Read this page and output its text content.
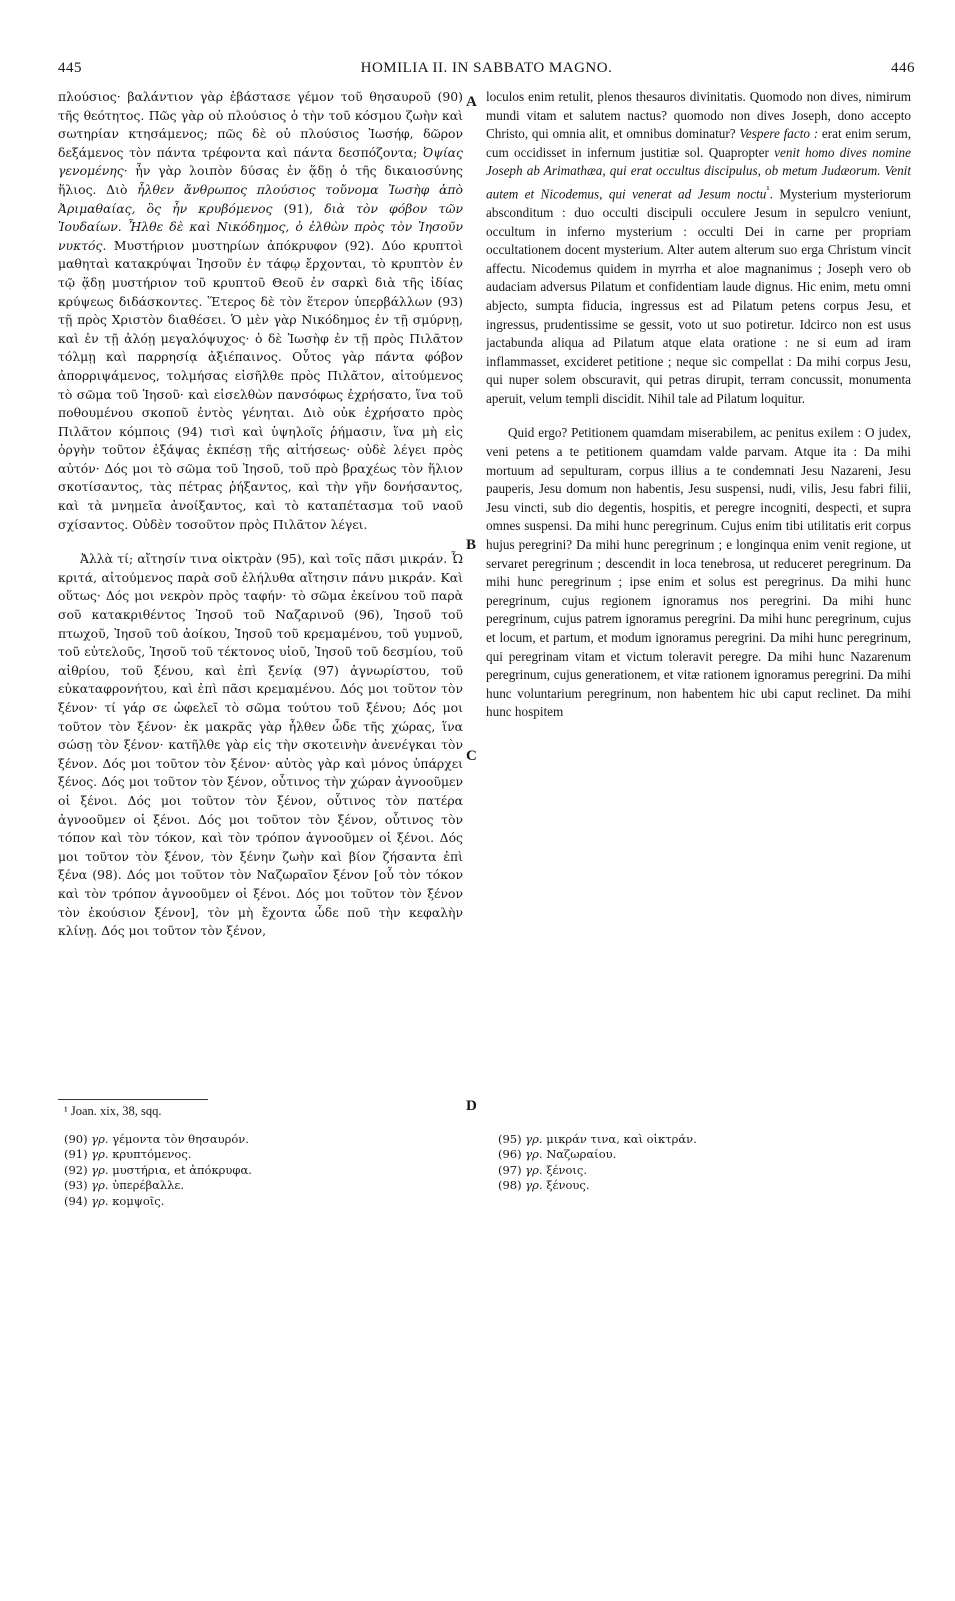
445	HOMILIA II. IN SABBATO MAGNO.	446

πλούσιος· βαλάντιον γὰρ ἐβάστασε γέμον τοῦ θησαυροῦ (90) τῆς θεότητος. Πῶς γὰρ οὐ πλούσιος ὁ τὴν τοῦ κόσμου ζωὴν καὶ σωτηρίαν κτησάμενος; πῶς δὲ οὐ πλούσιος Ἰωσήφ, δῶρον δεξάμενος τὸν πάντα τρέφοντα καὶ πάντα δεσπόζοντα; Ὀψίας γενομένης· ἦν γὰρ λοιπὸν δύσας ἐν ᾅδῃ ὁ τῆς δικαιοσύνης ἥλιος. Διὸ ἦλθεν ἄνθρωπος πλούσιος τοὔνομα Ἰωσὴφ ἀπὸ Ἀριμαθαίας, ὃς ἦν κρυβόμενος (91), διὰ τὸν φόβον τῶν Ἰουδαίων. Ἦλθε δὲ καὶ Νικόδημος, ὁ ἐλθὼν πρὸς τὸν Ἰησοῦν νυκτός. Μυστήριον μυστηρίων ἀπόκρυφον (92). Δύο κρυπτοὶ μαθηταὶ κατακρύψαι Ἰησοῦν ἐν τάφῳ ἔρχονται, τὸ κρυπτὸν ἐν τῷ ᾅδῃ μυστήριον τοῦ κρυπτοῦ Θεοῦ ἐν σαρκὶ διὰ τῆς ἰδίας κρύψεως διδάσκοντες. Ἕτερος δὲ τὸν ἕτερον ὑπερβάλλων (93) τῇ πρὸς Χριστὸν διαθέσει. Ὁ μὲν γὰρ Νικόδημος ἐν τῇ σμύρνῃ, καὶ ἐν τῇ ἀλόῃ μεγαλόψυχος· ὁ δὲ Ἰωσὴφ ἐν τῇ πρὸς Πιλᾶτον τόλμῃ καὶ παρρησίᾳ ἀξιέπαινος. Οὗτος γὰρ πάντα φόβον ἀπορριψάμενος, τολμήσας εἰσῆλθε πρὸς Πιλᾶτον, αἰτούμενος τὸ σῶμα τοῦ Ἰησοῦ· καὶ εἰσελθὼν πανσόφως ἐχρήσατο, ἵνα τοῦ ποθουμένου σκοποῦ ἐντὸς γένηται. Διὸ οὐκ ἐχρήσατο πρὸς Πιλᾶτον κόμποις (94) τισὶ καὶ ὑψηλοῖς ῥήμασιν, ἵνα μὴ εἰς ὀργὴν τοῦτον ἐξάψας ἐκπέσῃ τῆς αἰτήσεως· οὐδὲ λέγει πρὸς αὐτόν· Δός μοι τὸ σῶμα τοῦ Ἰησοῦ, τοῦ πρὸ βραχέως τὸν ἥλιον σκοτίσαντος, τὰς πέτρας ῥήξαντος, καὶ τὴν γῆν δονήσαντος, καὶ τὰ μνημεῖα ἀνοίξαντος, καὶ τὸ καταπέτασμα τοῦ ναοῦ σχίσαντος. Οὐδὲν τοσοῦτον πρὸς Πιλᾶτον λέγει.

Ἀλλὰ τί; αἴτησίν τινα οἰκτρὰν (95), καὶ τοῖς πᾶσι μικράν. Ὦ κριτά, αἰτούμενος παρὰ σοῦ ἐλήλυθα αἴτησιν πάνυ μικράν. Καὶ οὕτως· Δός μοι νεκρὸν πρὸς ταφήν· τὸ σῶμα ἐκείνου τοῦ παρὰ σοῦ κατακριθέντος Ἰησοῦ τοῦ Ναζαρινοῦ (96), Ἰησοῦ τοῦ πτωχοῦ, Ἰησοῦ τοῦ ἀοίκου, Ἰησοῦ τοῦ κρεμαμένου, τοῦ γυμνοῦ, τοῦ εὐτελοῦς, Ἰησοῦ τοῦ τέκτονος υἱοῦ, Ἰησοῦ τοῦ δεσμίου, τοῦ αἰθρίου, τοῦ ξένου, καὶ ἐπὶ ξενίᾳ (97) ἀγνωρίστου, τοῦ εὐκαταφρονήτου, καὶ ἐπὶ πᾶσι κρεμαμένου. Δός μοι τοῦτον τὸν ξένον· τί γάρ σε ὠφελεῖ τὸ σῶμα τούτου τοῦ ξένου; Δός μοι τοῦτον τὸν ξένον· ἐκ μακρᾶς γὰρ ἦλθεν ὧδε τῆς χώρας, ἵνα σώσῃ τὸν ξένον· κατῆλθε γὰρ εἰς τὴν σκοτεινὴν ἀνενέγκαι τὸν ξένον. Δός μοι τοῦτον τὸν ξένον· αὐτὸς γὰρ καὶ μόνος ὑπάρχει ξένος. Δός μοι τοῦτον τὸν ξένον, οὗτινος τὴν χώραν ἀγνοοῦμεν οἱ ξένοι. Δός μοι τοῦτον τὸν ξένον, οὗτινος τὸν πατέρα ἀγνοοῦμεν οἱ ξένοι. Δός μοι τοῦτον τὸν ξένον, οὗτινος τὸν τόπον καὶ τὸν τόκον, καὶ τὸν τρόπον ἀγνοοῦμεν οἱ ξένοι. Δός μοι τοῦτον τὸν ξένον, τὸν ξένην ζωὴν καὶ βίον ζήσαντα ἐπὶ ξένα (98). Δός μοι τοῦτον τὸν Ναζωραῖον ξένον [οὗ τὸν τόκον καὶ τὸν τρόπον ἀγνοοῦμεν οἱ ξένοι. Δός μοι τοῦτον τὸν ξένον τὸν ἑκούσιον ξένον], τὸν μὴ ἔχοντα ὧδε ποῦ τὴν κεφαλὴν κλίνῃ. Δός μοι τοῦτον τὸν ξένον,

A
B
C
D

loculos enim retulit, plenos thesauros divinitatis. Quomodo non dives, nimirum mundi vitam et salutem nactus? quomodo non dives Joseph, dono accepto Christo, qui omnia alit, et omnibus dominatur? Vespere facto : erat enim serum, cum occidisset in infernum justitiæ sol. Quapropter venit homo dives nomine Joseph ab Arimathæa, qui erat occultus discipulus, ob metum Judæorum. Venit autem et Nicodemus, qui venerat ad Jesum noctu$^{^1}$. Mysterium mysteriorum absconditum : duo occulti discipuli occulere Jesum in sepulcro veniunt, occultum in inferno mysterium : occulti Dei in carne per propriam occultationem docent mysterium. Alter autem alterum suo erga Christum vincit affectu. Nicodemus quidem in myrrha et aloe magnanimus ; Joseph vero ob audaciam adversus Pilatum et confidentiam laude dignus. Hic enim, metu omni abjecto, sumpta fiducia, ingressus est ad Pilatum petens corpus Jesu, et ingressus, prudentissime se gessit, voto ut suo potiretur. Idcirco non est usus jactabunda aliqua ad Pilatum atque elata oratione : ne si eum ad iram inflammasset, excideret petitione ; neque sic compellat : Da mihi corpus Jesu, qui nuper solem obscuravit, qui petras dirupit, terram concussit, monumenta aperuit, velum templi discidit. Nihil tale ad Pilatum loquitur.

Quid ergo? Petitionem quamdam miserabilem, ac penitus exilem : O judex, veni petens a te petitionem quamdam valde parvam. Atque ita : Da mihi mortuum ad sepulturam, corpus illius a te condemnati Jesu Nazareni, Jesu pauperis, Jesu domum non habentis, Jesu suspensi, nudi, vilis, Jesu fabri filii, Jesu vincti, sub dio degentis, hospitis, et peregre incogniti, despecti, et supra omnes suspensi. Da mihi hunc peregrinum. Cujus enim tibi utilitatis erit corpus hujus peregrini? Da mihi hunc peregrinum ; e longinqua enim venit regione, ut servaret peregrinum ; descendit in loca tenebrosa, ut reduceret peregrinum. Da mihi hunc peregrinum ; ipse enim et solus est peregrinus. Da mihi hunc peregrinum, cujus regionem ignoramus nos peregrini. Da mihi hunc peregrinum, cujus patrem ignoramus peregrini. Da mihi hunc peregrinum, cujus et locum, et partum, et modum ignoramus peregrini. Da mihi hunc peregrinum, qui peregrinam vitam et victum toleravit peregre. Da mihi hunc Nazarenum peregrinum, cujus generationem, et vitæ rationem ignoramus peregrini. Da mihi hunc voluntarium peregrinum, non habentem hic ubi caput reclinet. Da mihi hunc hospitem

¹ Joan. xix, 38, sqq.
(90) γρ. γέμοντα τὸν θησαυρόν.
(91) γρ. κρυπτόμενος.
(92) γρ. μυστήρια, et ἀπόκρυφα.
(93) γρ. ὑπερέβαλλε.
(94) γρ. κομψοῖς.
(95) γρ. μικράν τινα, καὶ οἰκτράν.
(96) γρ. Ναζωραίου.
(97) γρ. ξένοις.
(98) γρ. ξένους.
